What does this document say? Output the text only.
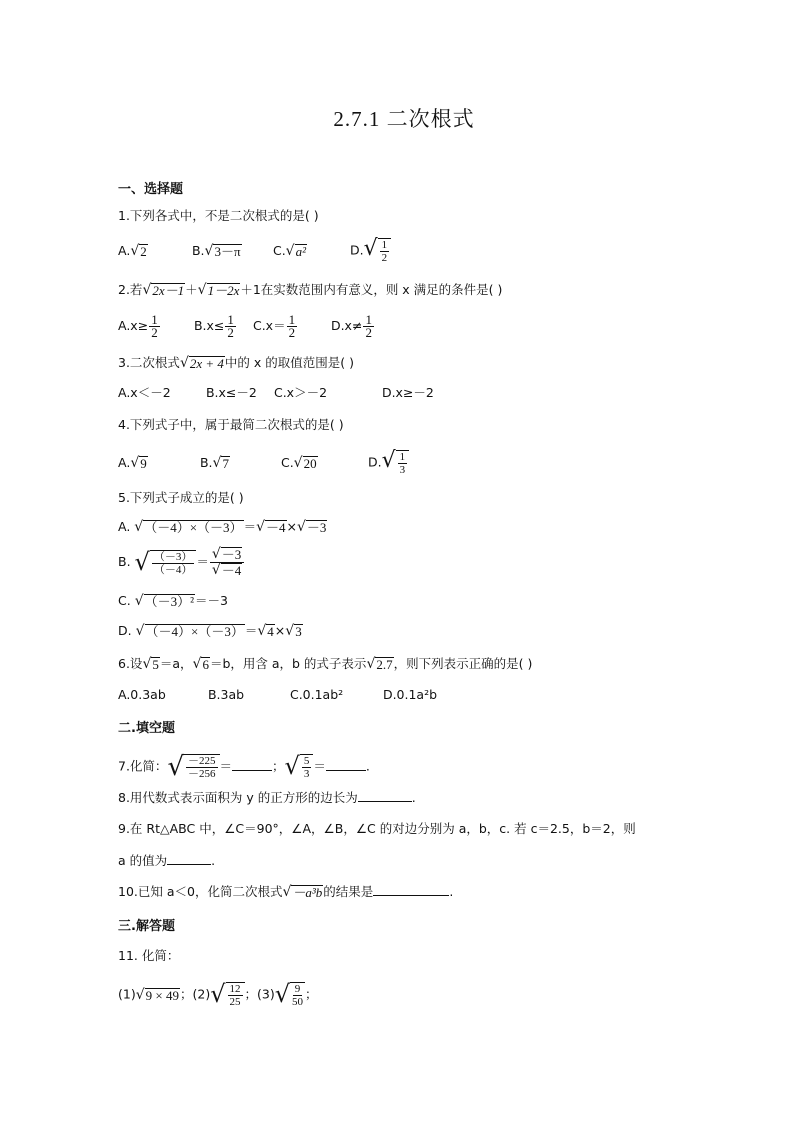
2.7.1 二次根式
一、选择题
1.下列各式中，不是二次根式的是( )
A. √ 2	B. √ 3－π	C. √ a²	D. √ $\frac{1}{2}$
2.若 √ 2x－1 ＋ √ 1－2x ＋1在实数范围内有意义，则 x 满足的条件是( )
$A.x\ge \frac{1}{2}$	$B.x\le \frac{1}{2} C.x= \frac{1}{2}$	$D.x\ne \frac{1}{2}$
3.二次根式 √ 2x + 4 中的 x 的取值范围是( )
A.x＜－2	B.x≤－2 C.x＞－2	D.x≥－2
4.下列式子中，属于最简二次根式的是( )
A. √ 9	B. √ 7	C. √ 20	D. √ $\frac{1}{3}$
5.下列式子成立的是( )
A. √ （－4）×（－3） ＝ √ －4 × √ －3
B. √ $\frac{(-3)}{(-4)} = \frac{√ -3}{√ -4}$
C. √ （－3）² ＝－3
D. √ （－4）×（－3） ＝ √ 4 × √ 3
6.设 √ 5 ＝a， √ 6 ＝b，用含 a，b 的式子表示 √ 2.7 ，则下列表示正确的是( )
A.0.3ab	B.3ab	C.0.1ab²	D.0.1a²b
二.填空题
7.化简： √ $\frac{-225}{-256}$ ＝	； √ $\frac{5}{3}$ ＝	.
8.用代数式表示面积为 y 的正方形的边长为	.
9.在 Rt△ABC 中，∠C＝90°，∠A，∠B，∠C 的对边分别为 a，b，c. 若 c＝2.5，b＝2，则
a 的值为	.
10.已知 a＜0，化简二次根式 √ －a³b 的结果是	.
三.解答题
11. 化简：
(1) √ 9 × 49 ；(2) √ $\frac{12}{25}$ ；(3) √ $\frac{9}{50}$ ；
